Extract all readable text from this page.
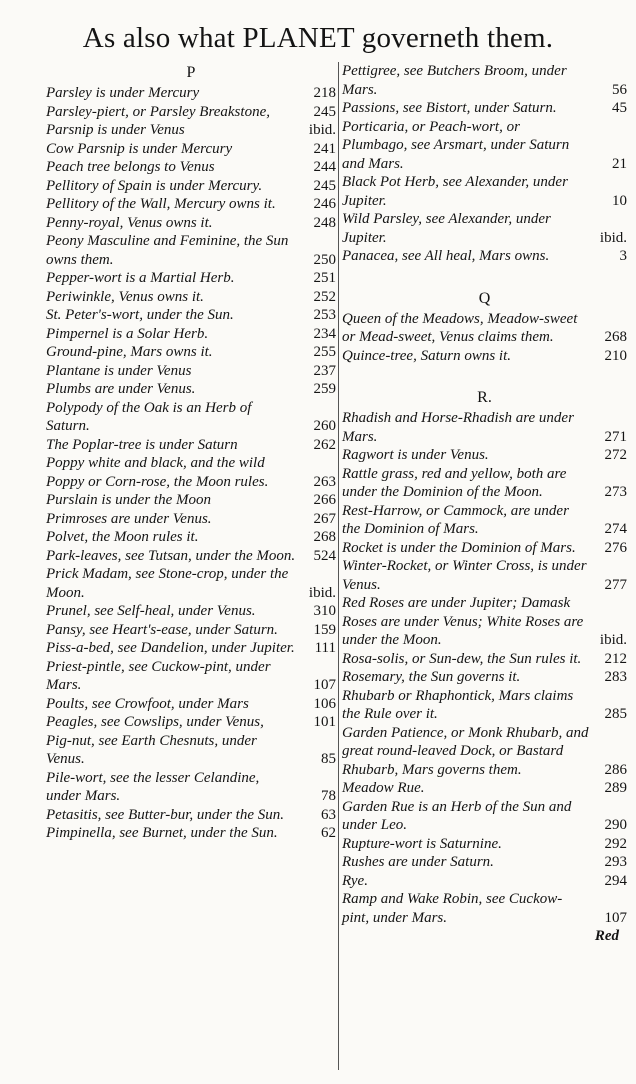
As also what PLANET governeth them.
P
Parsley is under Mercury	218
Parsley-piert, or Parsley Breakstone,	245
Parsnip is under Venus	ibid.
Cow Parsnip is under Mercury	241
Peach tree belongs to Venus	244
Pellitory of Spain is under Mercury.	245
Pellitory of the Wall, Mercury owns it.	246
Penny-royal, Venus owns it.	248
Peony Masculine and Feminine, the Sun owns them.	250
Pepper-wort is a Martial Herb.	251
Periwinkle, Venus owns it.	252
St. Peter's-wort, under the Sun.	253
Pimpernel is a Solar Herb.	234
Ground-pine, Mars owns it.	255
Plantane is under Venus	237
Plumbs are under Venus.	259
Polypody of the Oak is an Herb of Saturn.	260
The Poplar-tree is under Saturn	262
Poppy white and black, and the wild Poppy or Corn-rose, the Moon rules.	263
Purslain is under the Moon	266
Primroses are under Venus.	267
Polvet, the Moon rules it.	268
Park-leaves, see Tutsan, under the Moon.	524
Prick Madam, see Stone-crop, under the Moon.	ibid.
Prunel, see Self-heal, under Venus.	310
Pansy, see Heart's-ease, under Saturn.	159
Piss-a-bed, see Dandelion, under Jupiter.	111
Priest-pintle, see Cuckow-pint, under Mars.	107
Poults, see Crowfoot, under Mars	106
Peagles, see Cowslips, under Venus,	101
Pig-nut, see Earth Chesnuts, under Venus.	85
Pile-wort, see the lesser Celandine, under Mars.	78
Petasitis, see Butter-bur, under the Sun.	63
Pimpinella, see Burnet, under the Sun.	62
Pettigree, see Butchers Broom, under Mars.	56
Passions, see Bistort, under Saturn.	45
Porticaria, or Peach-wort, or Plumbago, see Arsmart, under Saturn and Mars.	21
Black Pot Herb, see Alexander, under Jupiter.	10
Wild Parsley, see Alexander, under Jupiter.	ibid.
Panacea, see All heal, Mars owns.	3
Q
Queen of the Meadows, Meadow-sweet or Mead-sweet, Venus claims them.	268
Quince-tree, Saturn owns it.	210
R.
Rhadish and Horse-Rhadish are under Mars.	271
Ragwort is under Venus.	272
Rattle grass, red and yellow, both are under the Dominion of the Moon.	273
Rest-Harrow, or Cammock, are under the Dominion of Mars.	274
Rocket is under the Dominion of Mars.	276
Winter-Rocket, or Winter Cross, is under Venus.	277
Red Roses are under Jupiter; Damask Roses are under Venus; White Roses are under the Moon.	ibid.
Rosa-solis, or Sun-dew, the Sun rules it.	212
Rosemary, the Sun governs it.	283
Rhubarb or Rhaphontick, Mars claims the Rule over it.	285
Garden Patience, or Monk Rhubarb, and great round-leaved Dock, or Bastard Rhubarb, Mars governs them.	286
Meadow Rue.	289
Garden Rue is an Herb of the Sun and under Leo.	290
Rupture-wort is Saturnine.	292
Rushes are under Saturn.	293
Rye.	294
Ramp and Wake Robin, see Cuckow-pint, under Mars.	107
Red
